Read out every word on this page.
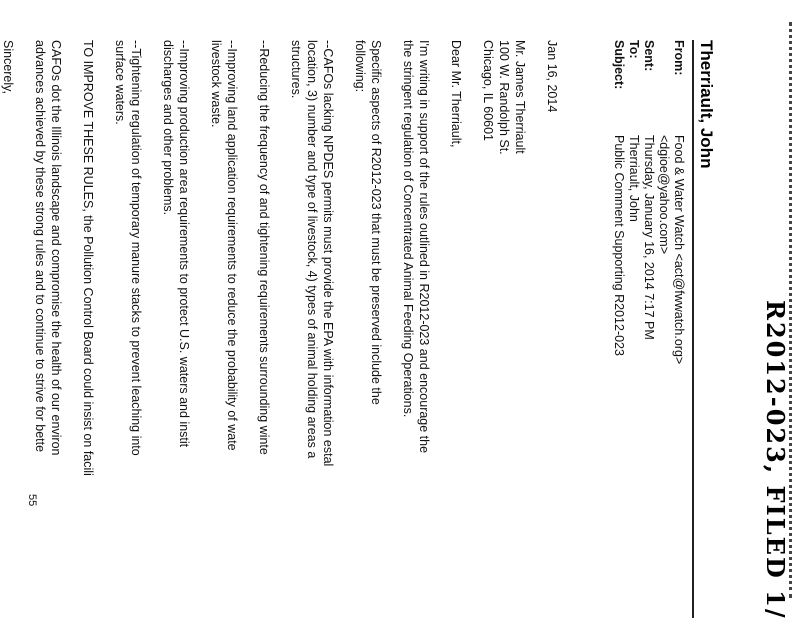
R2012-023, FILED 1/
Therriault, John
From:
Food & Water Watch <act@fwwatch.org>
<dgioe@yahoo.com>
Sent:
Thursday, January 16, 2014 7:17 PM
To:
Therriault, John
Subject:
Public Comment Supporting R2012-023
Jan 16, 2014
Mr. James Therriault
100 W. Randolph St.
Chicago, IL 60601
Dear Mr. Therriault,
I'm writing in support of the rules outlined in R2012-023 and encourage the
the stringent regulation of Concentrated Animal Feeding Operations.
Specific aspects of R2012-023 that must be preserved include the
following:
--CAFOs lacking NPDES permits must provide the EPA with information estal
location, 3) number and type of livestock, 4) types of animal holding areas a
structures.
--Reducing the frequency of and tightening requirements surrounding winte
--Improving land application requirements to reduce the probability of wate
livestock waste.
--Improving production area requirements to protect U.S. waters and instit
discharges and other problems.
--Tightening regulation of temporary manure stacks to prevent leaching into
surface waters.
TO IMPROVE THESE RULES, the Pollution Control Board could insist on facili
CAFOs dot the Illinois landscape and compromise the health of our environ
advances achieved by these strong rules and to continue to strive for bette
Sincerely,
55
